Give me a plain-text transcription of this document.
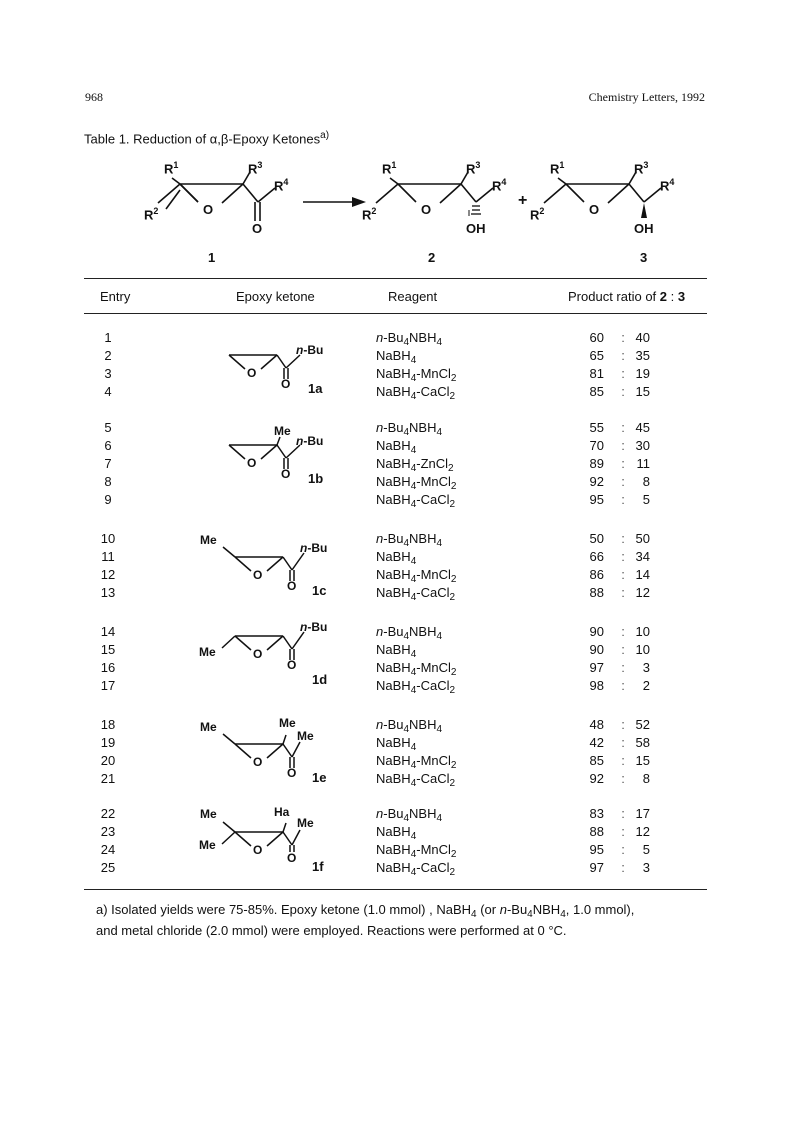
968	Chemistry Letters, 1992
Table 1. Reduction of α,β-Epoxy Ketones$^{a)}$
$R^1$	$R^3$
$R^4$
$R^2$	O
O
$R^1$	$R^3$
$R^4$
$R^2$	O
OH
+
$R^1$	$R^3$
$R^4$
$R^2$	O
OH
1	2	3
Entry	Epoxy ketone	Reagent	Product ratio of 2 : 3
1	$n-Bu_4NBH_4$	60 : 40
2	NaBH$_4$	65 : 35
3	NaBH$_4$-MnCl$_2$	81 : 19
4	NaBH$_4$-CaCl$_2$	85 : 15
1a
5	$n-Bu_4NBH_4$	55 : 45
6	NaBH$_4$	70 : 30
7	NaBH$_4$-ZnCl$_2$	89 : 11
8	NaBH$_4$-MnCl$_2$	92 :	8
9	NaBH$_4$-CaCl$_2$	95 :	5
1b
10	$n-Bu_4NBH_4$	50 : 50
11	NaBH$_4$	66 : 34
12	NaBH$_4$-MnCl$_2$	86 : 14
13	NaBH$_4$-CaCl$_2$	88 : 12
1c
14	$n-Bu_4NBH_4$	90 : 10
15	NaBH$_4$	90 : 10
16	NaBH$_4$-MnCl$_2$	97 :	3
17	NaBH$_4$-CaCl$_2$	98 :	2
1d
18	$n-Bu_4NBH_4$	48 : 52
19	NaBH$_4$	42 : 58
20	NaBH$_4$-MnCl$_2$	85 : 15
21	NaBH$_4$-CaCl$_2$	92 :	8
1e
22	$n-Bu_4NBH_4$	83 : 17
23	NaBH$_4$	88 : 12
24	NaBH$_4$-MnCl$_2$	95 :	5
25	NaBH$_4$-CaCl$_2$	97 :	3
1f
n-Bu
O
O
Me
n-Bu
O
O
Me
n-Bu
O
O
n-Bu
Me	O
O
Me	Me
Me
O
O
Me	Ha
Me
Me	O
O
a) Isolated yields were 75-85%. Epoxy ketone (1.0 mmol) , NaBH$_4$ (or $n-Bu_4NBH_4$, 1.0 mmol),
and metal chloride (2.0 mmol) were employed. Reactions were performed at 0 °C.
